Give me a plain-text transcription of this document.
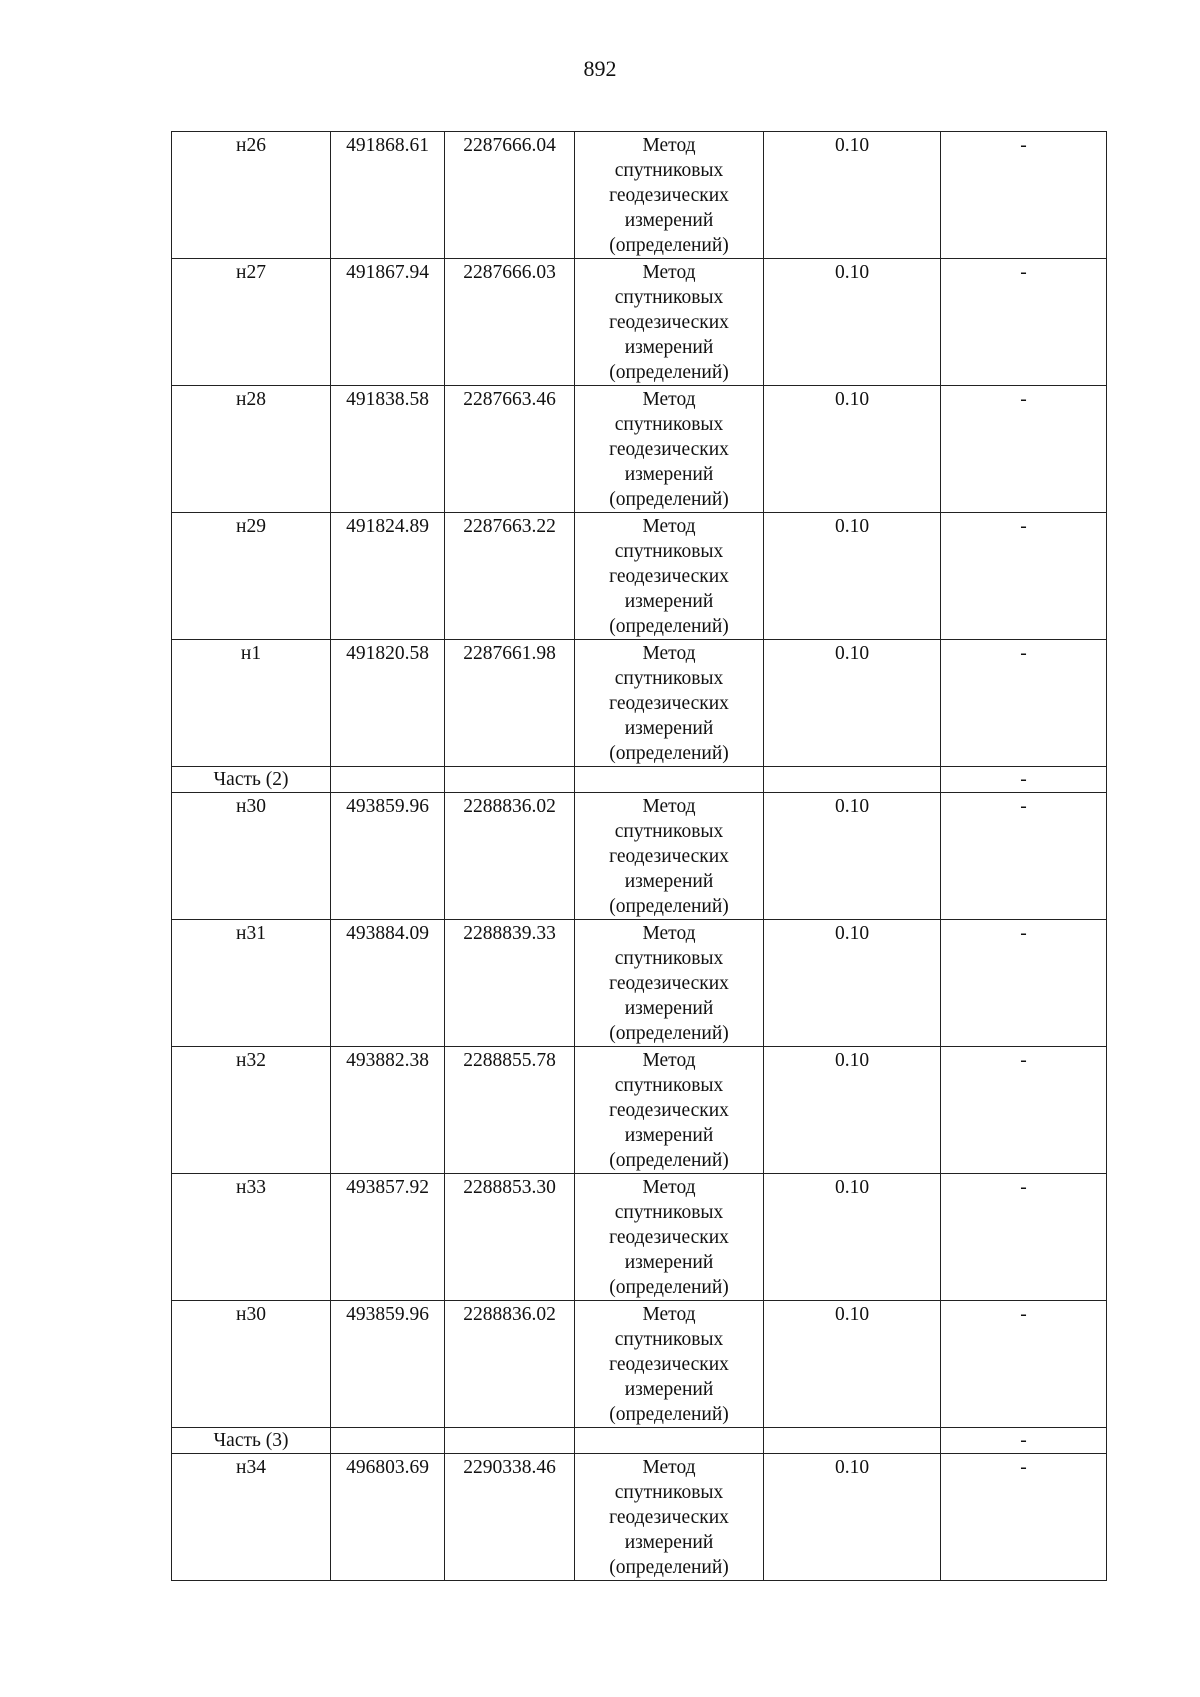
892
н26	491868.61	2287666.04	Метод
спутниковых
геодезических
измерений
(определений)	0.10	-
н27	491867.94	2287666.03	Метод
спутниковых
геодезических
измерений
(определений)	0.10	-
н28	491838.58	2287663.46	Метод
спутниковых
геодезических
измерений
(определений)	0.10	-
н29	491824.89	2287663.22	Метод
спутниковых
геодезических
измерений
(определений)	0.10	-
н1	491820.58	2287661.98	Метод
спутниковых
геодезических
измерений
(определений)	0.10	-
Часть (2)					-
н30	493859.96	2288836.02	Метод
спутниковых
геодезических
измерений
(определений)	0.10	-
н31	493884.09	2288839.33	Метод
спутниковых
геодезических
измерений
(определений)	0.10	-
н32	493882.38	2288855.78	Метод
спутниковых
геодезических
измерений
(определений)	0.10	-
н33	493857.92	2288853.30	Метод
спутниковых
геодезических
измерений
(определений)	0.10	-
н30	493859.96	2288836.02	Метод
спутниковых
геодезических
измерений
(определений)	0.10	-
Часть (3)					-
н34	496803.69	2290338.46	Метод
спутниковых
геодезических
измерений
(определений)	0.10	-
